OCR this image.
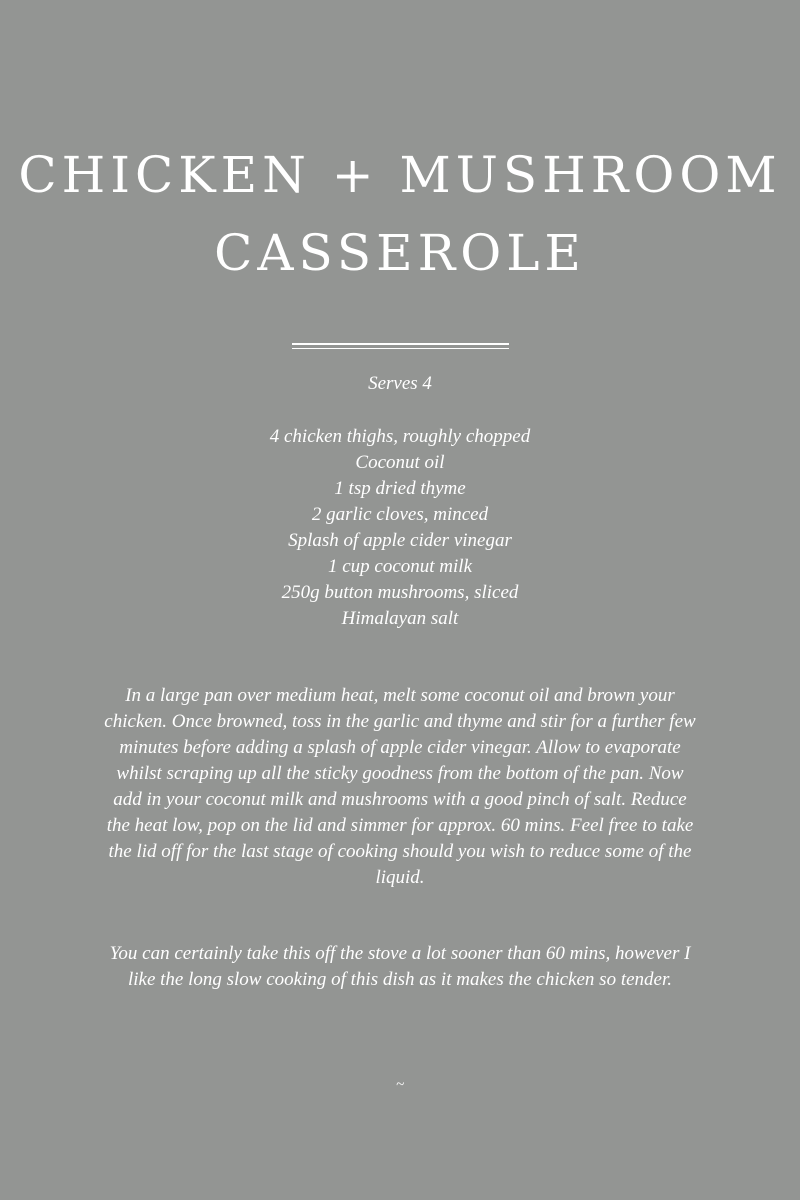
CHICKEN + MUSHROOM
CASSEROLE

Serves 4

4 chicken thighs, roughly chopped
Coconut oil
1 tsp dried thyme
2 garlic cloves, minced
Splash of apple cider vinegar
1 cup coconut milk
250g button mushrooms, sliced
Himalayan salt

In a large pan over medium heat, melt some coconut oil and brown your chicken. Once browned, toss in the garlic and thyme and stir for a further few minutes before adding a splash of apple cider vinegar. Allow to evaporate whilst scraping up all the sticky goodness from the bottom of the pan. Now add in your coconut milk and mushrooms with a good pinch of salt. Reduce the heat low, pop on the lid and simmer for approx. 60 mins. Feel free to take the lid off for the last stage of cooking should you wish to reduce some of the liquid.

You can certainly take this off the stove a lot sooner than 60 mins, however I like the long slow cooking of this dish as it makes the chicken so tender.

~
